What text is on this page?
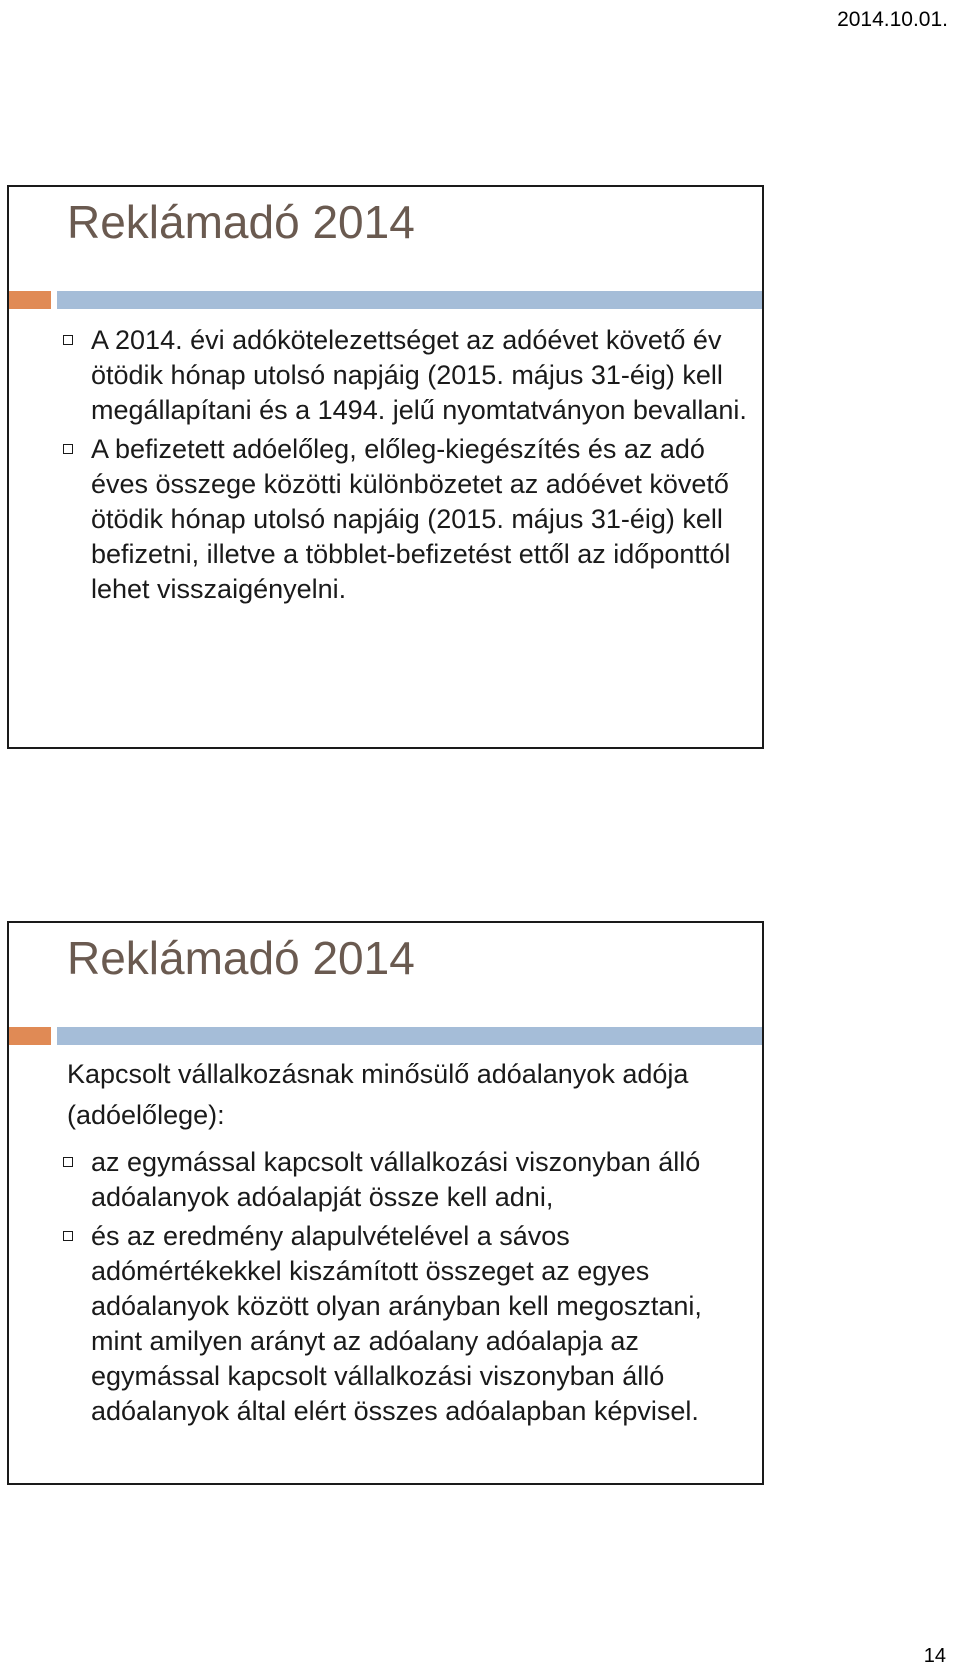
2014.10.01.
Reklámadó 2014
A 2014. évi adókötelezettséget az adóévet követő év ötödik hónap utolsó napjáig (2015. május 31-éig) kell megállapítani és a 1494. jelű nyomtatványon bevallani.
A befizetett adóelőleg, előleg-kiegészítés és az adó éves összege közötti különbözetet az adóévet követő ötödik hónap utolsó napjáig (2015. május 31-éig) kell befizetni, illetve a többlet-befizetést ettől az időponttól lehet visszaigényelni.
Reklámadó 2014

Kapcsolt vállalkozásnak minősülő adóalanyok adója

(adóelőlege):

az egymással kapcsolt vállalkozási viszonyban álló adóalanyok adóalapját össze kell adni,
és az eredmény alapulvételével a sávos adómértékekkel kiszámított összeget az egyes adóalanyok között olyan arányban kell megosztani, mint amilyen arányt az adóalany adóalapja az egymással kapcsolt vállalkozási viszonyban álló adóalanyok által elért összes adóalapban képvisel.
14
